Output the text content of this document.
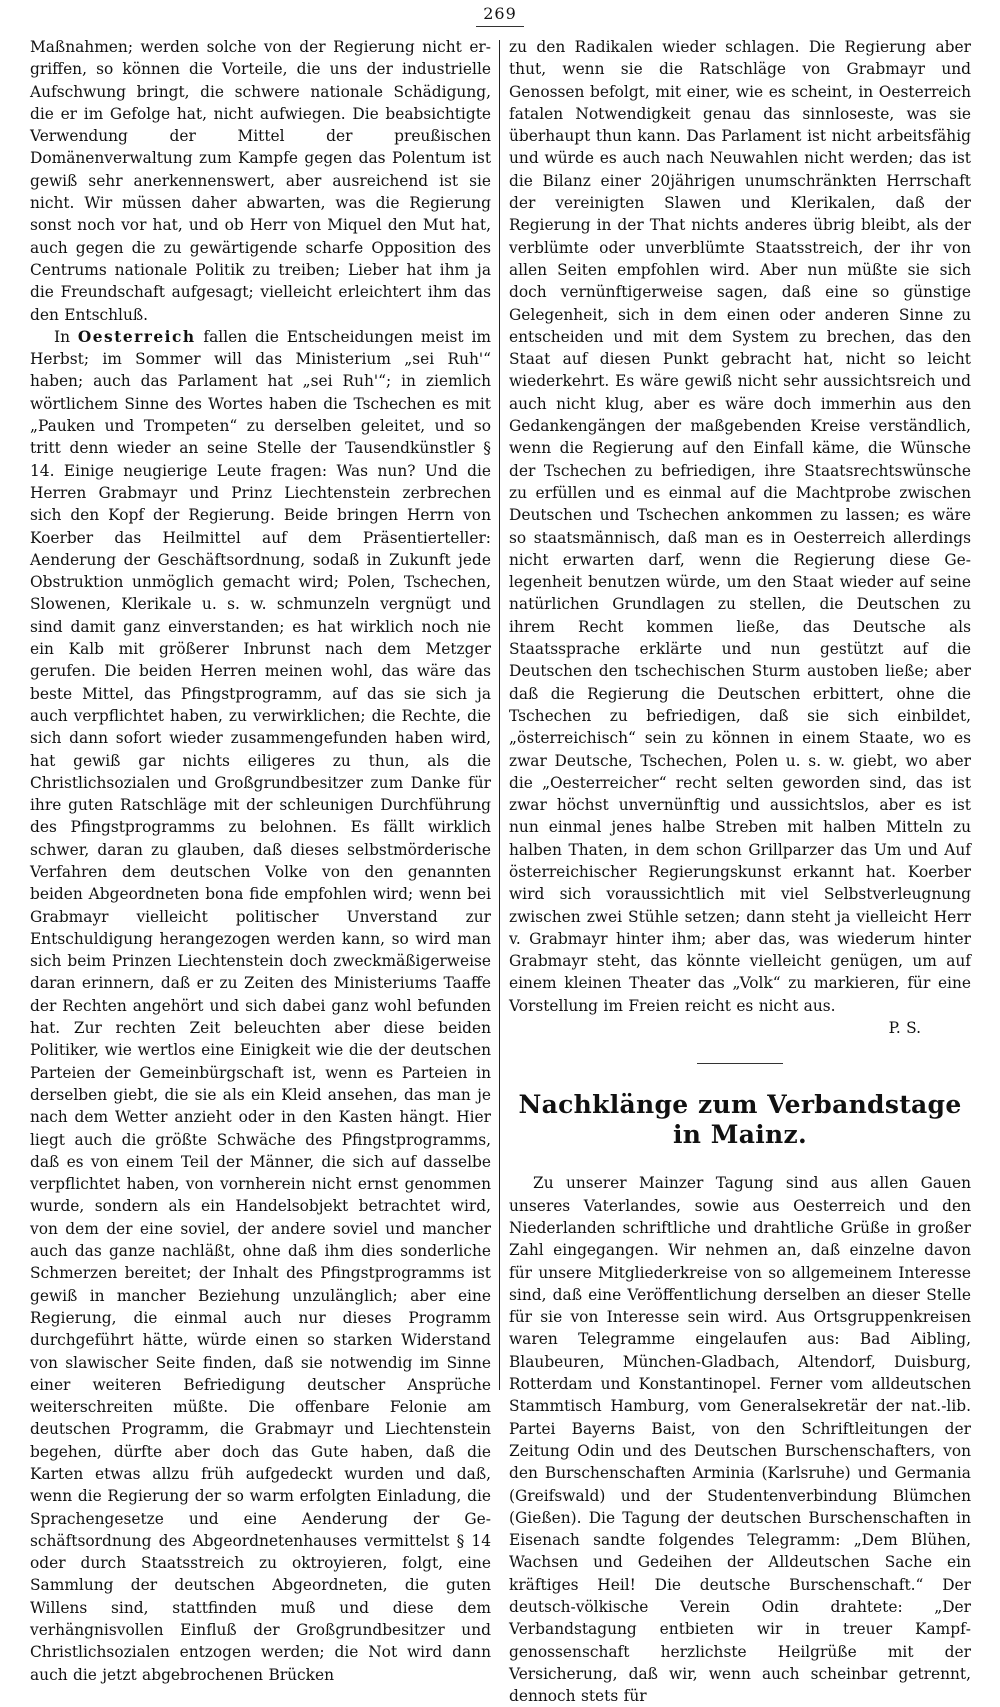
269

Maßnahmen; werden solche von der Regierung nicht ergriffen, so können die Vorteile, die uns der industrielle Aufschwung bringt, die schwere nationale Schädigung, die er im Gefolge hat, nicht aufwiegen. Die beabsichtigte Verwendung der Mittel der preußischen Domänenverwaltung zum Kampfe gegen das Polentum ist gewiß sehr anerkennenswert, aber ausreichend ist sie nicht. Wir müssen daher abwarten, was die Regierung sonst noch vor hat, und ob Herr von Miquel den Mut hat, auch gegen die zu gewärtigende scharfe Opposition des Centrums nationale Politik zu treiben; Lieber hat ihm ja die Freundschaft aufgesagt; vielleicht erleichtert ihm das den Entschluß.

In Oesterreich fallen die Entscheidungen meist im Herbst; im Sommer will das Ministerium „sei Ruh'“ haben; auch das Parlament hat „sei Ruh'“; in ziemlich wörtlichem Sinne des Wortes haben die Tschechen es mit „Pauken und Trompeten“ zu derselben geleitet, und so tritt denn wieder an seine Stelle der Tausendkünstler § 14. Einige neugierige Leute fragen: Was nun? Und die Herren Grabmayr und Prinz Liechtenstein zerbrechen sich den Kopf der Regierung. Beide bringen Herrn von Koerber das Heilmittel auf dem Präsentierteller: Aenderung der Geschäftsordnung, sodaß in Zukunft jede Obstruktion unmöglich gemacht wird; Polen, Tschechen, Slowenen, Klerikale u. s. w. schmunzeln vergnügt und sind damit ganz einverstanden; es hat wirklich noch nie ein Kalb mit größerer Inbrunst nach dem Metzger gerufen. Die beiden Herren meinen wohl, das wäre das beste Mittel, das Pfingstprogramm, auf das sie sich ja auch verpflichtet haben, zu verwirklichen; die Rechte, die sich dann sofort wieder zusammengefunden haben wird, hat gewiß gar nichts eiligeres zu thun, als die Christlichsozialen und Großgrundbesitzer zum Danke für ihre guten Ratschläge mit der schleunigen Durchführung des Pfingstprogramms zu belohnen. Es fällt wirklich schwer, daran zu glauben, daß dieses selbstmörderische Verfahren dem deutschen Volke von den genannten beiden Abgeordneten bona fide empfohlen wird; wenn bei Grabmayr vielleicht politischer Unverstand zur Entschuldigung herangezogen werden kann, so wird man sich beim Prinzen Liechtenstein doch zweckmäßigerweise daran erinnern, daß er zu Zeiten des Ministeriums Taaffe der Rechten angehört und sich dabei ganz wohl befunden hat. Zur rechten Zeit beleuchten aber diese beiden Politiker, wie wertlos eine Einigkeit wie die der deutschen Parteien der Gemeinbürgschaft ist, wenn es Parteien in derselben giebt, die sie als ein Kleid ansehen, das man je nach dem Wetter anzieht oder in den Kasten hängt. Hier liegt auch die größte Schwäche des Pfingstprogramms, daß es von einem Teil der Männer, die sich auf dasselbe verpflichtet haben, von vornherein nicht ernst genommen wurde, sondern als ein Handelsobjekt betrachtet wird, von dem der eine soviel, der andere soviel und mancher auch das ganze nachläßt, ohne daß ihm dies sonderliche Schmerzen bereitet; der Inhalt des Pfingstprogramms ist gewiß in mancher Beziehung unzulänglich; aber eine Regierung, die einmal auch nur dieses Programm durchgeführt hätte, würde einen so starken Widerstand von slawischer Seite finden, daß sie notwendig im Sinne einer weiteren Befriedigung deutscher Ansprüche weiterschreiten müßte. Die offenbare Felonie am deutschen Programm, die Grabmayr und Liechtenstein begehen, dürfte aber doch das Gute haben, daß die Karten etwas allzu früh aufgedeckt wurden und daß, wenn die Regierung der so warm erfolgten Einladung, die Sprachengesetze und eine Aenderung der Geschäftsordnung des Abgeordnetenhauses vermittelst § 14 oder durch Staatsstreich zu oktroyieren, folgt, eine Sammlung der deutschen Abgeordneten, die guten Willens sind, stattfinden muß und diese dem verhängnisvollen Einfluß der Großgrundbesitzer und Christlichsozialen entzogen werden; die Not wird dann auch die jetzt abgebrochenen Brücken

zu den Radikalen wieder schlagen. Die Regierung aber thut, wenn sie die Ratschläge von Grabmayr und Genossen befolgt, mit einer, wie es scheint, in Oesterreich fatalen Notwendigkeit genau das sinnloseste, was sie überhaupt thun kann. Das Parlament ist nicht arbeitsfähig und würde es auch nach Neuwahlen nicht werden; das ist die Bilanz einer 20jährigen unumschränkten Herrschaft der vereinigten Slawen und Klerikalen, daß der Regierung in der That nichts anderes übrig bleibt, als der verblümte oder unverblümte Staatsstreich, der ihr von allen Seiten empfohlen wird. Aber nun müßte sie sich doch vernünftigerweise sagen, daß eine so günstige Gelegenheit, sich in dem einen oder anderen Sinne zu entscheiden und mit dem System zu brechen, das den Staat auf diesen Punkt gebracht hat, nicht so leicht wiederkehrt. Es wäre gewiß nicht sehr aussichtsreich und auch nicht klug, aber es wäre doch immerhin aus den Gedankengängen der maßgebenden Kreise verständlich, wenn die Regierung auf den Einfall käme, die Wünsche der Tschechen zu befriedigen, ihre Staatsrechtswünsche zu erfüllen und es einmal auf die Machtprobe zwischen Deutschen und Tschechen ankommen zu lassen; es wäre so staatsmännisch, daß man es in Oesterreich allerdings nicht erwarten darf, wenn die Regierung diese Gelegenheit benutzen würde, um den Staat wieder auf seine natürlichen Grundlagen zu stellen, die Deutschen zu ihrem Recht kommen ließe, das Deutsche als Staatssprache erklärte und nun gestützt auf die Deutschen den tschechischen Sturm austoben ließe; aber daß die Regierung die Deutschen erbittert, ohne die Tschechen zu befriedigen, daß sie sich einbildet, „österreichisch“ sein zu können in einem Staate, wo es zwar Deutsche, Tschechen, Polen u. s. w. giebt, wo aber die „Oesterreicher“ recht selten geworden sind, das ist zwar höchst unvernünftig und aussichtslos, aber es ist nun einmal jenes halbe Streben mit halben Mitteln zu halben Thaten, in dem schon Grillparzer das Um und Auf österreichischer Regierungskunst erkannt hat. Koerber wird sich voraussichtlich mit viel Selbstverleugnung zwischen zwei Stühle setzen; dann steht ja vielleicht Herr v. Grabmayr hinter ihm; aber das, was wiederum hinter Grabmayr steht, das könnte vielleicht genügen, um auf einem kleinen Theater das „Volk“ zu markieren, für eine Vorstellung im Freien reicht es nicht aus.

P. S.

Nachklänge zum Verbandstage in Mainz.

Zu unserer Mainzer Tagung sind aus allen Gauen unseres Vaterlandes, sowie aus Oesterreich und den Niederlanden schriftliche und drahtliche Grüße in großer Zahl eingegangen. Wir nehmen an, daß einzelne davon für unsere Mitgliederkreise von so allgemeinem Interesse sind, daß eine Veröffentlichung derselben an dieser Stelle für sie von Interesse sein wird. Aus Ortsgruppenkreisen waren Telegramme eingelaufen aus: Bad Aibling, Blaubeuren, München-Gladbach, Altendorf, Duisburg, Rotterdam und Konstantinopel. Ferner vom alldeutschen Stammtisch Hamburg, vom Generalsekretär der nat.-lib. Partei Bayerns Baist, von den Schriftleitungen der Zeitung Odin und des Deutschen Burschenschafters, von den Burschenschaften Arminia (Karlsruhe) und Germania (Greifswald) und der Studentenverbindung Blümchen (Gießen). Die Tagung der deutschen Burschenschaften in Eisenach sandte folgendes Telegramm: „Dem Blühen, Wachsen und Gedeihen der Alldeutschen Sache ein kräftiges Heil! Die deutsche Burschenschaft.“ Der deutsch-völkische Verein Odin drahtete: „Der Verbandstagung entbieten wir in treuer Kampfgenossenschaft herzlichste Heilgrüße mit der Versicherung, daß wir, wenn auch scheinbar getrennt, dennoch stets für
